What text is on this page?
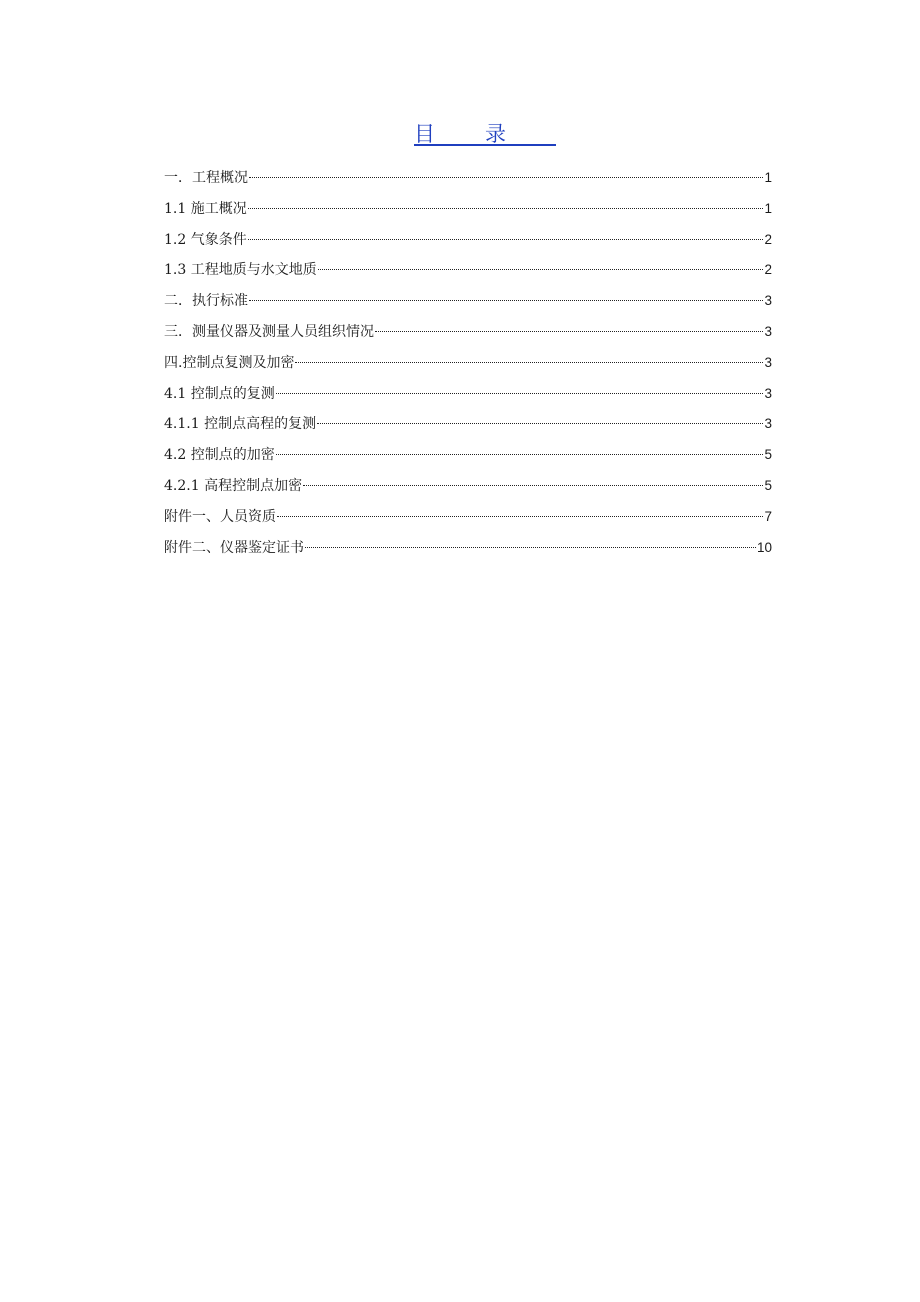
目录
一．工程概况	1
1.1 施工概况	1
1.2 气象条件	2
1.3 工程地质与水文地质	2
二．执行标准	3
三．测量仪器及测量人员组织情况	3
四.控制点复测及加密	3
4.1 控制点的复测	3
4.1.1 控制点高程的复测	3
4.2 控制点的加密	5
4.2.1 高程控制点加密	5
附件一、人员资质	7
附件二、仪器鉴定证书	10
